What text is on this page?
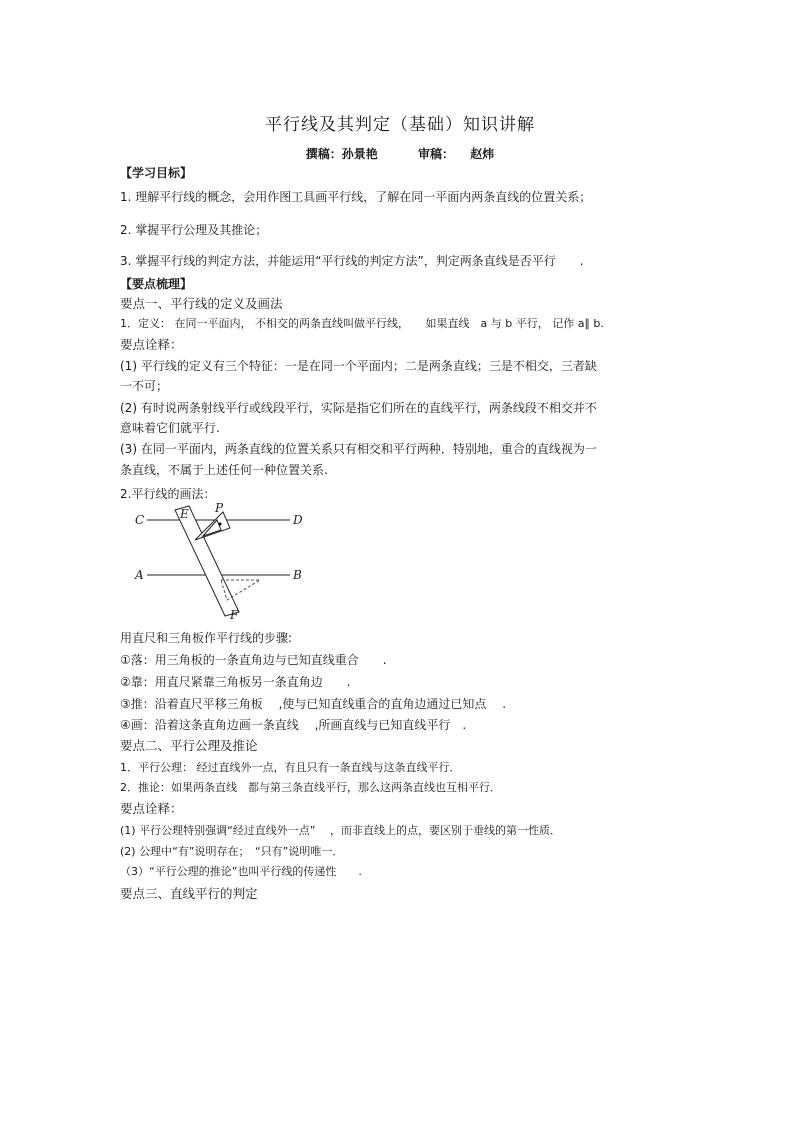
平行线及其判定（基础）知识讲解
撰稿：孙景艳	审稿： 赵炜
【学习目标】
1. 理解平行线的概念，会用作图工具画平行线，了解在同一平面内两条直线的位置关系；
2. 掌握平行公理及其推论；
3. 掌握平行线的判定方法，并能运用“平行线的判定方法”，判定两条直线是否平行　　.
【要点梳理】
要点一、平行线的定义及画法
1．定义： 在同一平面内， 不相交的两条直线叫做平行线，　　如果直线　a 与 b 平行， 记作 a∥ b.
要点诠释：
(1) 平行线的定义有三个特征：一是在同一个平面内；二是两条直线；三是不相交，三者缺
一不可；
(2) 有时说两条射线平行或线段平行，实际是指它们所在的直线平行，两条线段不相交并不
意味着它们就平行.
(3) 在同一平面内，两条直线的位置关系只有相交和平行两种．特别地，重合的直线视为一
条直线，不属于上述任何一种位置关系.
2.平行线的画法：
C	D
E P
A	B
F
用直尺和三角板作平行线的步骤:
①落：用三角板的一条直角边与已知直线重合　　.
②靠：用直尺紧靠三角板另一条直角边　　.
③推：沿着直尺平移三角板　 ,使与已知直线重合的直角边通过已知点　 .
④画：沿着这条直角边画一条直线　 ,所画直线与已知直线平行　.
要点二、平行公理及推论
1．平行公理： 经过直线外一点，有且只有一条直线与这条直线平行．
2．推论：如果两条直线　都与第三条直线平行，那么这两条直线也互相平行．
要点诠释：
(1) 平行公理特别强调“经过直线外一点”　 ，而非直线上的点，要区别于垂线的第一性质．
(2) 公理中“有”说明存在；　“只有”说明唯一．
（3）“平行公理的推论”也叫平行线的传递性　　.
要点三、直线平行的判定
